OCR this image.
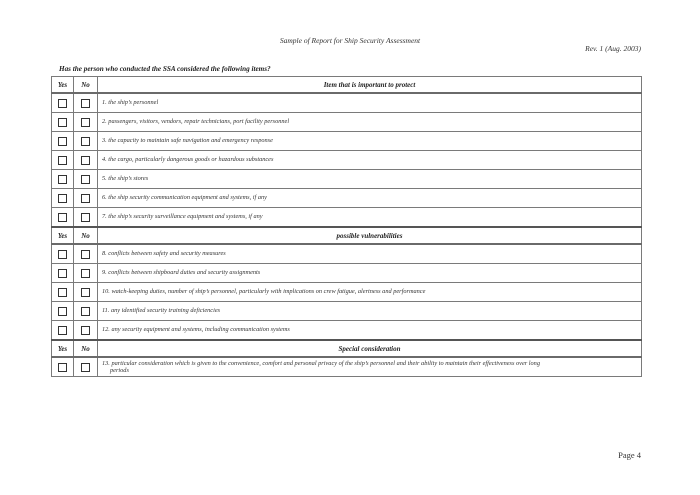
Sample of Report for Ship Security Assessment
Rev. 1 (Aug. 2003)
Has the person who conducted the SSA considered the following items?
Yes	No	Item that is important to protect
		1. the ship’s personnel
		2. passengers, visitors, vendors, repair technicians, port facility personnel
		3. the capacity to maintain safe navigation and emergency response
		4. the cargo, particularly dangerous goods or hazardous substances
		5. the ship’s stores
		6. the ship security communication equipment and systems, if any
		7. the ship’s security surveillance equipment and systems, if any
Yes	No	possible vulnerabilities
		8. conflicts between safety and security measures
		9. conflicts between shipboard duties and security assignments
		10. watch-keeping duties, number of ship’s personnel, particularly with implications on crew fatigue, alertness and performance
		11. any identified security training deficiencies
		12. any security equipment and systems, including communication systems
Yes	No	Special consideration

		13. particular consideration which is given to the convenience, comfort and personal privacy of the ship’s personnel and their ability to maintain their effectiveness over long
periods
Page 4
